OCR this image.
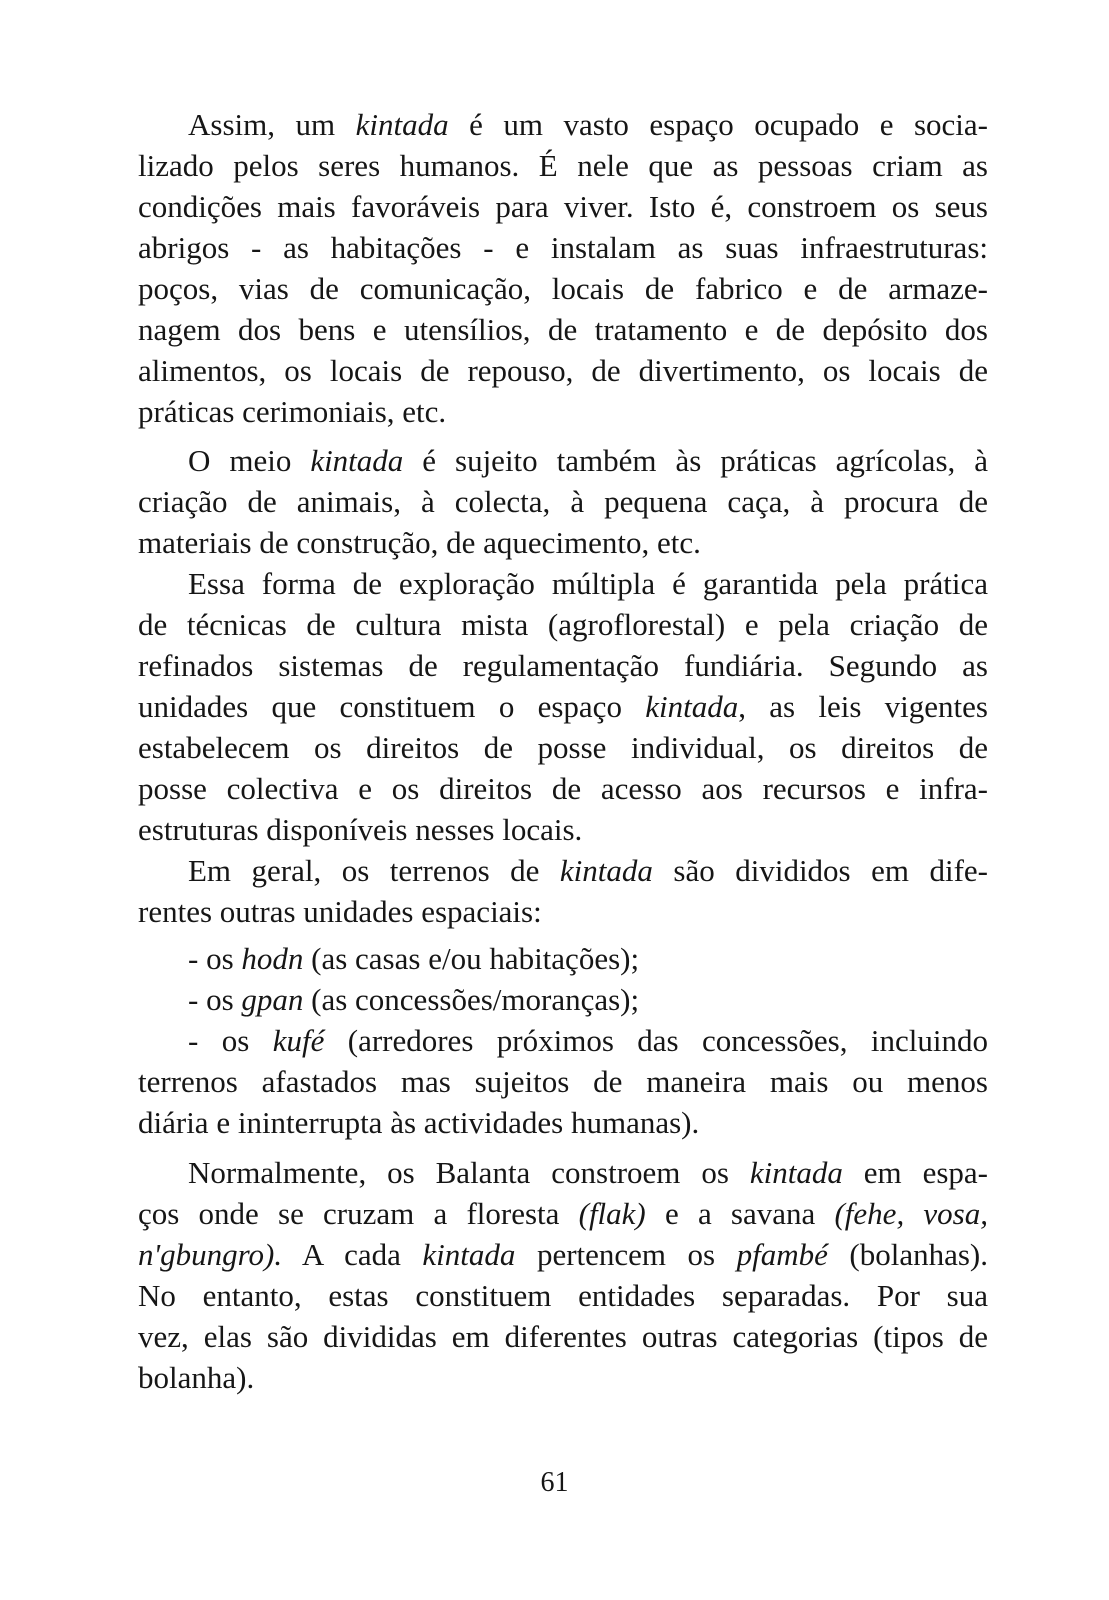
Assim, um kintada é um vasto espaço ocupado e socia-
lizado pelos seres humanos. É nele que as pessoas criam as
condições mais favoráveis para viver. Isto é, constroem os seus
abrigos - as habitações - e instalam as suas infraestruturas:
poços, vias de comunicação, locais de fabrico e de armaze-
nagem dos bens e utensílios, de tratamento e de depósito dos
alimentos, os locais de repouso, de divertimento, os locais de
práticas cerimoniais, etc.
O meio kintada é sujeito também às práticas agrícolas, à
criação de animais, à colecta, à pequena caça, à procura de
materiais de construção, de aquecimento, etc.
Essa forma de exploração múltipla é garantida pela prática
de técnicas de cultura mista (agroflorestal) e pela criação de
refinados sistemas de regulamentação fundiária. Segundo as
unidades que constituem o espaço kintada, as leis vigentes
estabelecem os direitos de posse individual, os direitos de
posse colectiva e os direitos de acesso aos recursos e infra-
estruturas disponíveis nesses locais.
Em geral, os terrenos de kintada são divididos em dife-
rentes outras unidades espaciais:
- os hodn (as casas e/ou habitações);
- os gpan (as concessões/moranças);
- os kufé (arredores próximos das concessões, incluindo
terrenos afastados mas sujeitos de maneira mais ou menos
diária e ininterrupta às actividades humanas).
Normalmente, os Balanta constroem os kintada em espa-
ços onde se cruzam a floresta (flak) e a savana (fehe, vosa,
n'gbungro). A cada kintada pertencem os pfambé (bolanhas).
No entanto, estas constituem entidades separadas. Por sua
vez, elas são divididas em diferentes outras categorias (tipos de
bolanha).
61
